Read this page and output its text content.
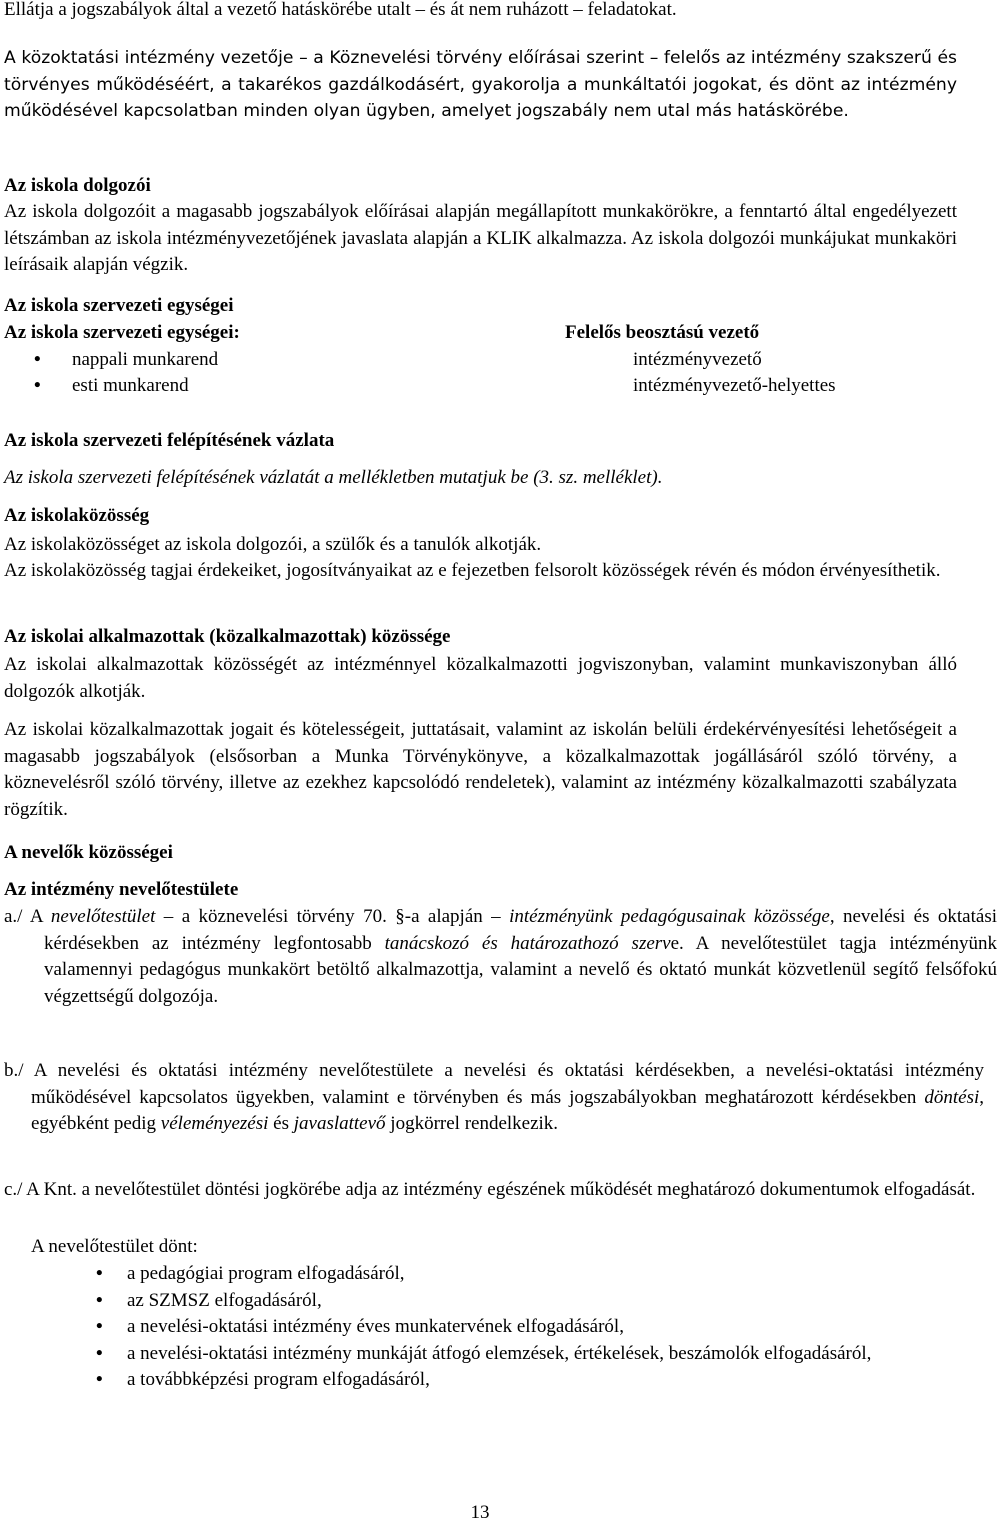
Ellátja a jogszabályok által a vezető hatáskörébe utalt – és át nem ruházott – feladatokat.

A közoktatási intézmény vezetője – a Köznevelési törvény előírásai szerint – felelős az intézmény szakszerű és törvényes működéséért, a takarékos gazdálkodásért, gyakorolja a munkáltatói jogokat, és dönt az intézmény működésével kapcsolatban minden olyan ügyben, amelyet jogszabály nem utal más hatáskörébe.

Az iskola dolgozói

Az iskola dolgozóit a magasabb jogszabályok előírásai alapján megállapított munkakörökre, a fenntartó által engedélyezett létszámban az iskola intézményvezetőjének javaslata alapján a KLIK alkalmazza. Az iskola dolgozói munkájukat munkaköri leírásaik alapján végzik.

Az iskola szervezeti egységei

Az iskola szervezeti egységei:	Felelős beosztású vezető
• nappali munkarend	intézményvezető
• esti munkarend	intézményvezető-helyettes

Az iskola szervezeti felépítésének vázlata

Az iskola szervezeti felépítésének vázlatát a mellékletben mutatjuk be (3. sz. melléklet).

Az iskolaközösség

Az iskolaközösséget az iskola dolgozói, a szülők és a tanulók alkotják.

Az iskolaközösség tagjai érdekeiket, jogosítványaikat az e fejezetben felsorolt közösségek révén és módon érvényesíthetik.

Az iskolai alkalmazottak (közalkalmazottak) közössége

Az iskolai alkalmazottak közösségét az intézménnyel közalkalmazotti jogviszonyban, valamint munkaviszonyban álló dolgozók alkotják.

Az iskolai közalkalmazottak jogait és kötelességeit, juttatásait, valamint az iskolán belüli érdekérvényesítési lehetőségeit a magasabb jogszabályok (elsősorban a Munka Törvénykönyve, a közalkalmazottak jogállásáról szóló törvény, a köznevelésről szóló törvény, illetve az ezekhez kapcsolódó rendeletek), valamint az intézmény közalkalmazotti szabályzata rögzítik.

A nevelők közösségei

Az intézmény nevelőtestülete

a./ A nevelőtestület – a köznevelési törvény 70. §-a alapján – intézményünk pedagógusainak közössége, nevelési és oktatási kérdésekben az intézmény legfontosabb tanácskozó és határozathozó szerve. A nevelőtestület tagja intézményünk valamennyi pedagógus munkakört betöltő alkalmazottja, valamint a nevelő és oktató munkát közvetlenül segítő felsőfokú végzettségű dolgozója.

b./ A nevelési és oktatási intézmény nevelőtestülete a nevelési és oktatási kérdésekben, a nevelési-oktatási intézmény működésével kapcsolatos ügyekben, valamint e törvényben és más jogszabályokban meghatározott kérdésekben döntési, egyébként pedig véleményezési és javaslattevő jogkörrel rendelkezik.

c./ A Knt. a nevelőtestület döntési jogkörébe adja az intézmény egészének működését meghatározó dokumentumok elfogadását.

A nevelőtestület dönt:

• a pedagógiai program elfogadásáról,
• az SZMSZ elfogadásáról,
• a nevelési-oktatási intézmény éves munkatervének elfogadásáról,
• a nevelési-oktatási intézmény munkáját átfogó elemzések, értékelések, beszámolók elfogadásáról,
• a továbbképzési program elfogadásáról,
13
